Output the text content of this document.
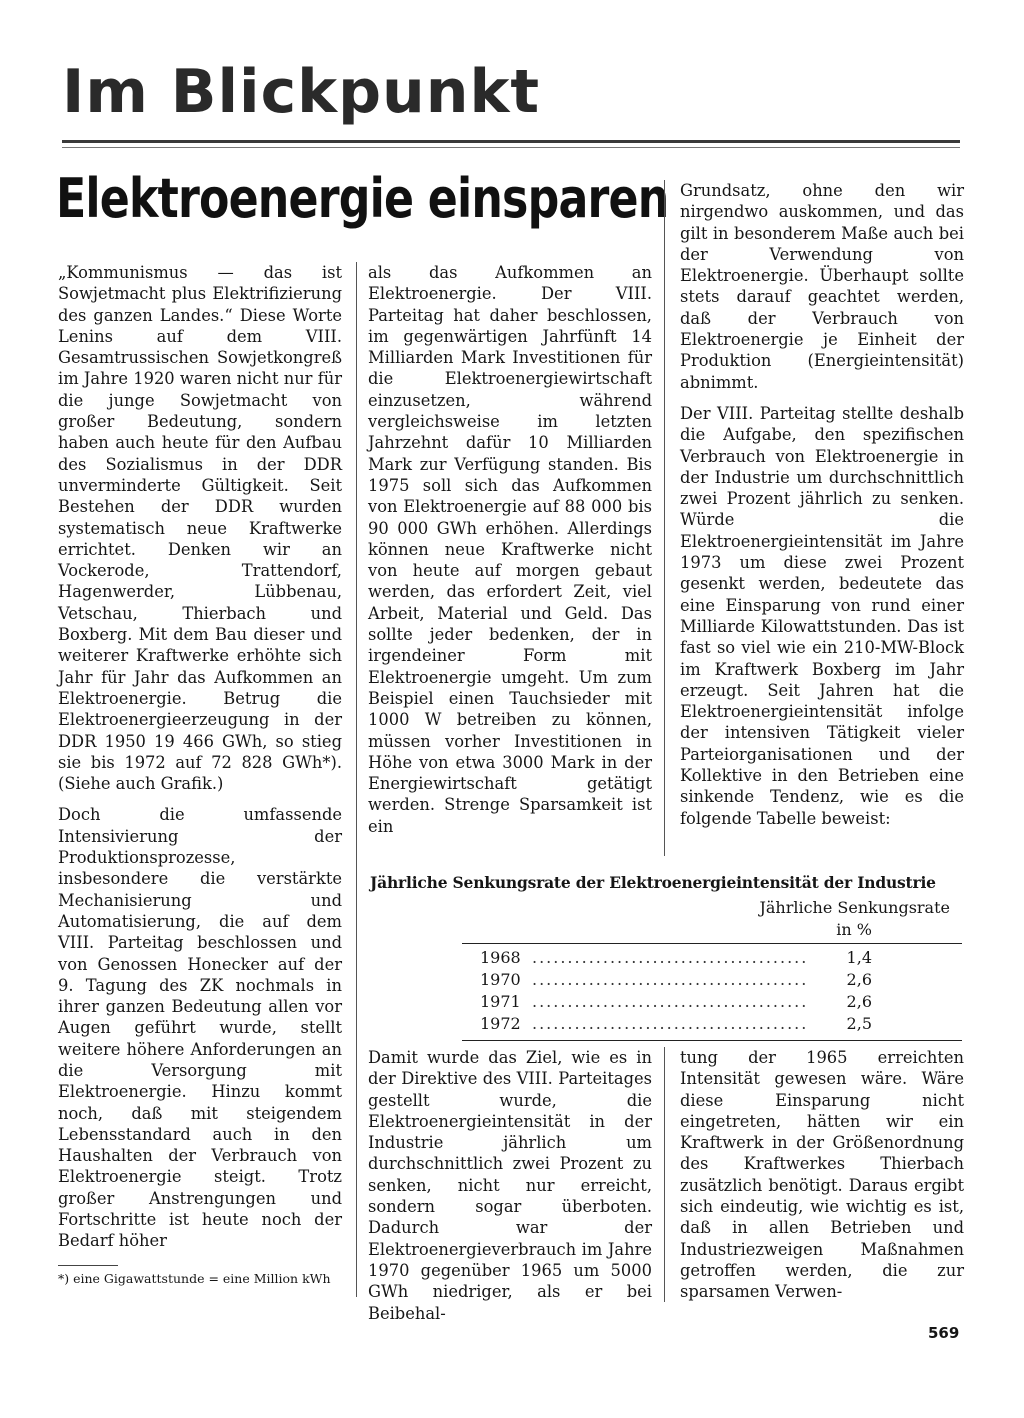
Im Blickpunkt
Elektroenergie einsparen

„Kommunismus — das ist Sowjetmacht plus Elektrifizierung des ganzen Landes.“ Diese Worte Lenins auf dem VIII. Gesamtrussischen Sowjetkongreß im Jahre 1920 waren nicht nur für die junge Sowjetmacht von großer Bedeutung, sondern haben auch heute für den Aufbau des Sozialismus in der DDR unverminderte Gültigkeit. Seit Bestehen der DDR wurden systematisch neue Kraftwerke errichtet. Denken wir an Vockerode, Trattendorf, Hagenwerder, Lübbenau, Vetschau, Thierbach und Boxberg. Mit dem Bau dieser und weiterer Kraftwerke erhöhte sich Jahr für Jahr das Aufkommen an Elektroenergie. Betrug die Elektroenergieerzeugung in der DDR 1950 19 466 GWh, so stieg sie bis 1972 auf 72 828 GWh*). (Siehe auch Grafik.)

Doch die umfassende Intensivierung der Produktionsprozesse, insbesondere die verstärkte Mechanisierung und Automatisierung, die auf dem VIII. Parteitag beschlossen und von Genossen Honecker auf der 9. Tagung des ZK nochmals in ihrer ganzen Bedeutung allen vor Augen geführt wurde, stellt weitere höhere Anforderungen an die Versorgung mit Elektroenergie. Hinzu kommt noch, daß mit steigendem Lebensstandard auch in den Haushalten der Verbrauch von Elektroenergie steigt. Trotz großer Anstrengungen und Fortschritte ist heute noch der Bedarf höher

*) eine Gigawattstunde = eine Million kWh

als das Aufkommen an Elektroenergie. Der VIII. Parteitag hat daher beschlossen, im gegenwärtigen Jahrfünft 14 Milliarden Mark Investitionen für die Elektroenergiewirtschaft einzusetzen, während vergleichsweise im letzten Jahrzehnt dafür 10 Milliarden Mark zur Verfügung standen. Bis 1975 soll sich das Aufkommen von Elektroenergie auf 88 000 bis 90 000 GWh erhöhen. Allerdings können neue Kraftwerke nicht von heute auf morgen gebaut werden, das erfordert Zeit, viel Arbeit, Material und Geld. Das sollte jeder bedenken, der in irgendeiner Form mit Elektroenergie umgeht. Um zum Beispiel einen Tauchsieder mit 1000 W betreiben zu können, müssen vorher Investitionen in Höhe von etwa 3000 Mark in der Energiewirtschaft getätigt werden. Strenge Sparsamkeit ist ein

Grundsatz, ohne den wir nirgendwo auskommen, und das gilt in besonderem Maße auch bei der Verwendung von Elektroenergie. Überhaupt sollte stets darauf geachtet werden, daß der Verbrauch von Elektroenergie je Einheit der Produktion (Energieintensität) abnimmt.

Der VIII. Parteitag stellte deshalb die Aufgabe, den spezifischen Verbrauch von Elektroenergie in der Industrie um durchschnittlich zwei Prozent jährlich zu senken. Würde die Elektroenergieintensität im Jahre 1973 um diese zwei Prozent gesenkt werden, bedeutete das eine Einsparung von rund einer Milliarde Kilowattstunden. Das ist fast so viel wie ein 210-MW-Block im Kraftwerk Boxberg im Jahr erzeugt. Seit Jahren hat die Elektroenergieintensität infolge der intensiven Tätigkeit vieler Parteiorganisationen und der Kollektive in den Betrieben eine sinkende Tendenz, wie es die folgende Tabelle beweist:

Jährliche Senkungsrate der Elektroenergieintensität der Industrie
Jährliche Senkungsrate
in %
1968 .......................................	1,4
1970 .......................................	2,6
1971 .......................................	2,6
1972 .......................................	2,5

Damit wurde das Ziel, wie es in der Direktive des VIII. Parteitages gestellt wurde, die Elektroenergieintensität in der Industrie jährlich um durchschnittlich zwei Prozent zu senken, nicht nur erreicht, sondern sogar überboten. Dadurch war der Elektroenergieverbrauch im Jahre 1970 gegenüber 1965 um 5000 GWh niedriger, als er bei Beibehal-

tung der 1965 erreichten Intensität gewesen wäre. Wäre diese Einsparung nicht eingetreten, hätten wir ein Kraftwerk in der Größenordnung des Kraftwerkes Thierbach zusätzlich benötigt. Daraus ergibt sich eindeutig, wie wichtig es ist, daß in allen Betrieben und Industriezweigen Maßnahmen getroffen werden, die zur sparsamen Verwen-

569
